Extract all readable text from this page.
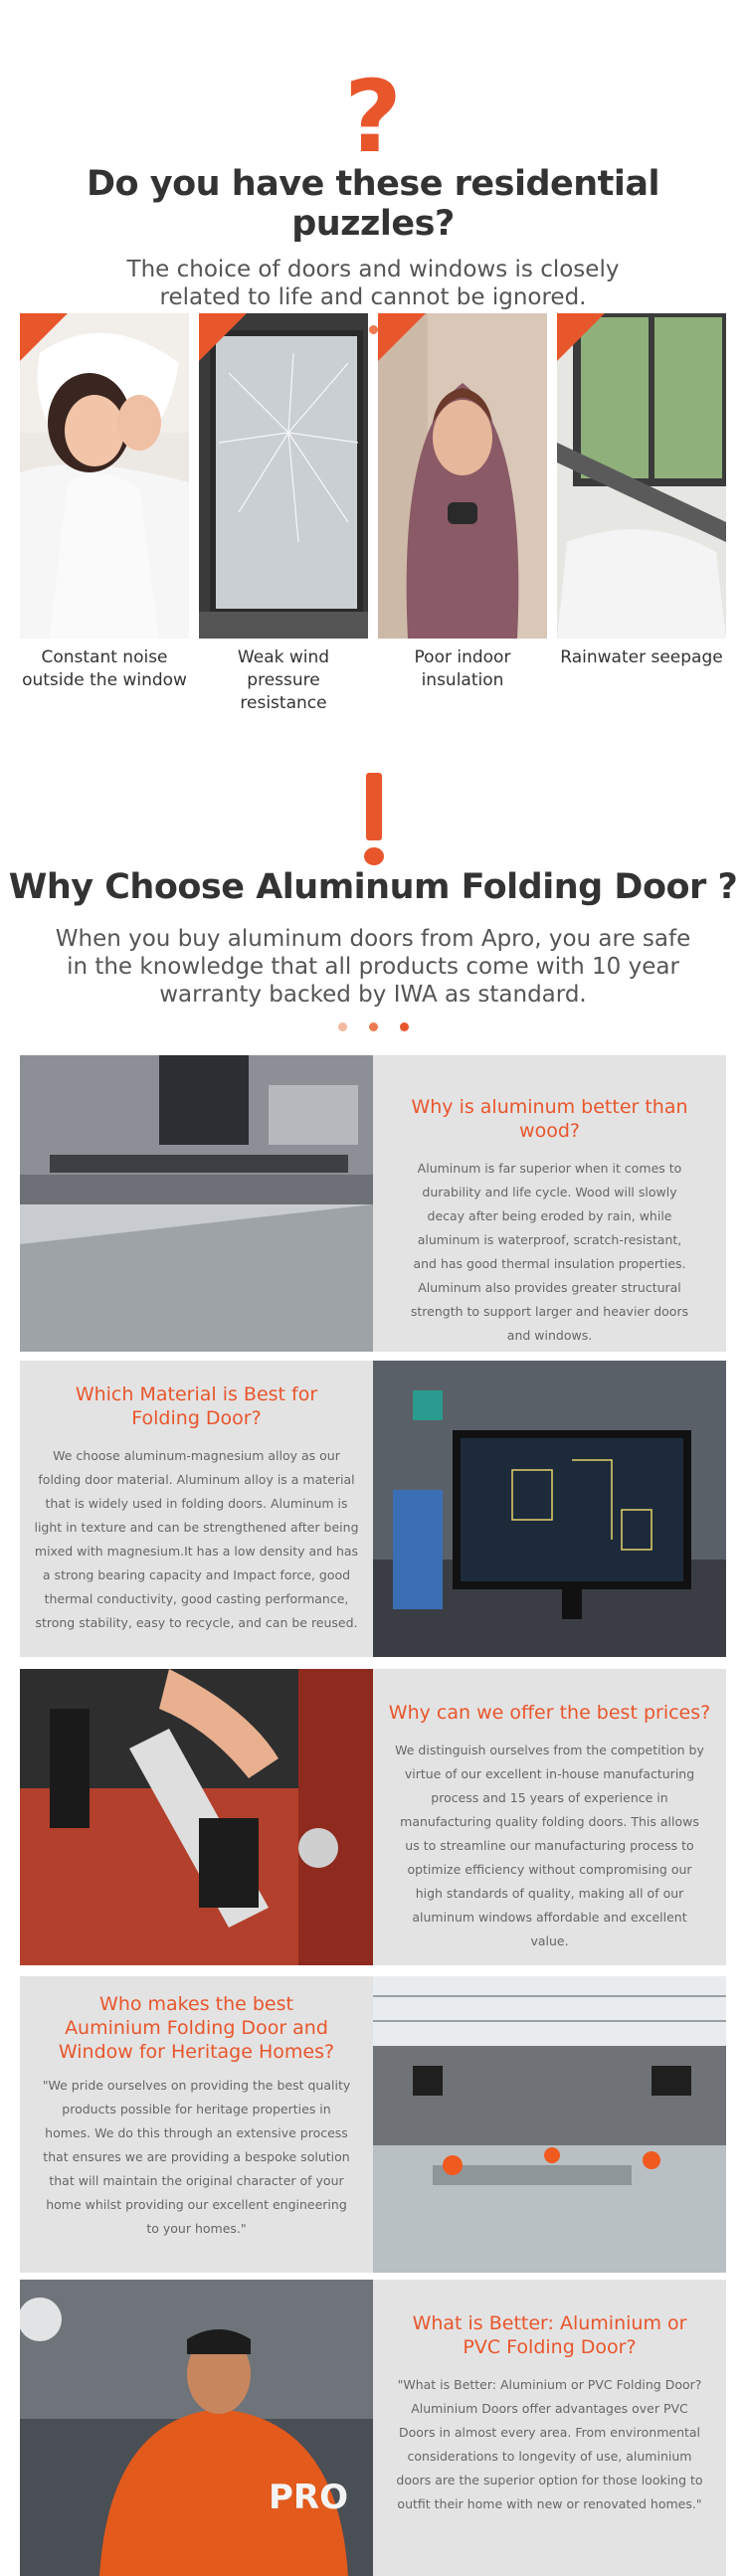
?
Do you have these residential puzzles?
The choice of doors and windows is closely
related to life and cannot be ignored.
Constant noise
outside the window
Weak wind pressure
resistance
Poor indoor
insulation
Rainwater seepage
Why Choose Aluminum Folding Door ?
When you buy aluminum doors from Apro, you are safe
in the knowledge that all products come with 10 year
warranty backed by IWA as standard.
Why is aluminum better than wood?
Aluminum is far superior when it comes to durability and life cycle. Wood will slowly decay after being eroded by rain, while aluminum is waterproof, scratch-resistant, and has good thermal insulation properties. Aluminum also provides greater structural strength to support larger and heavier doors and windows.
Which Material is Best for Folding Door?
We choose aluminum-magnesium alloy as our folding door material. Aluminum alloy is a material that is widely used in folding doors. Aluminum is light in texture and can be strengthened after being mixed with magnesium.It has a low density and has a strong bearing capacity and Impact force, good thermal conductivity, good casting performance, strong stability, easy to recycle, and can be reused.
Why can we offer the best prices?
We distinguish ourselves from the competition by virtue of our excellent in-house manufacturing process and 15 years of experience in manufacturing quality folding doors. This allows us to streamline our manufacturing process to optimize efficiency without compromising our high standards of quality, making all of our aluminum windows affordable and excellent value.
Who makes the best Auminium Folding Door and Window for Heritage Homes?
"We pride ourselves on providing the best quality products possible for heritage properties in homes. We do this through an extensive process that ensures we are providing a bespoke solution that will maintain the original character of your home whilst providing our excellent engineering to your homes."
PRO
What is Better: Aluminium or PVC Folding Door?
"What is Better: Aluminium or PVC Folding Door? Aluminium Doors offer advantages over PVC Doors in almost every area. From environmental considerations to longevity of use, aluminium doors are the superior option for those looking to outfit their home with new or renovated homes."
